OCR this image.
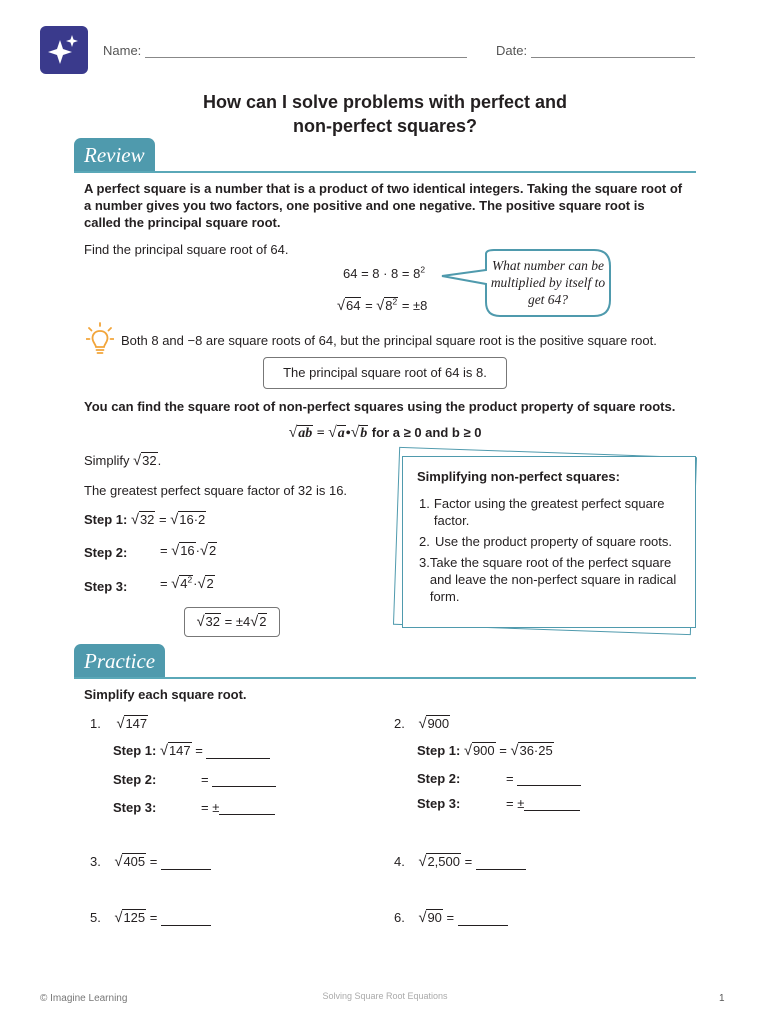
Name:	Date:
How can I solve problems with perfect and
non-perfect squares?
Review
A perfect square is a number that is a product of two identical integers. Taking the square root of a number gives you two factors, one positive and one negative. The positive square root is called the principal square root.
Find the principal square root of 64.
$64 = 8 \cdot 8 = 8^2$
$√64 = √8^2 = \pm 8$
What number can be multiplied by itself to get 64?
Both 8 and −8 are square roots of 64, but the principal square root is the positive square root.
The principal square root of 64 is 8.
You can find the square root of non-perfect squares using the product property of square roots.
√ab = √a•√b for a ≥ 0 and b ≥ 0
Simplify √32.
The greatest perfect square factor of 32 is 16.
Step 1: √32 = √16·2
Step 2:	= √16·√2
Step 3:	= $√4^2\cdot√2$
√32 = ±4√2
Simplifying non-perfect squares:
1. Factor using the greatest perfect square factor.
2. Use the product property of square roots.
3. Take the square root of the perfect square and leave the non-perfect square in radical form.
Practice
Simplify each square root.
1. √147
Step 1: √147 =
Step 2:	=
Step 3:	= ±
2. √900
Step 1: √900 = √36·25
Step 2:	=
Step 3:	= ±
3. √405 =	4. √2,500 =
5. √125 =	6. √90 =
© Imagine Learning	Solving Square Root Equations	1
